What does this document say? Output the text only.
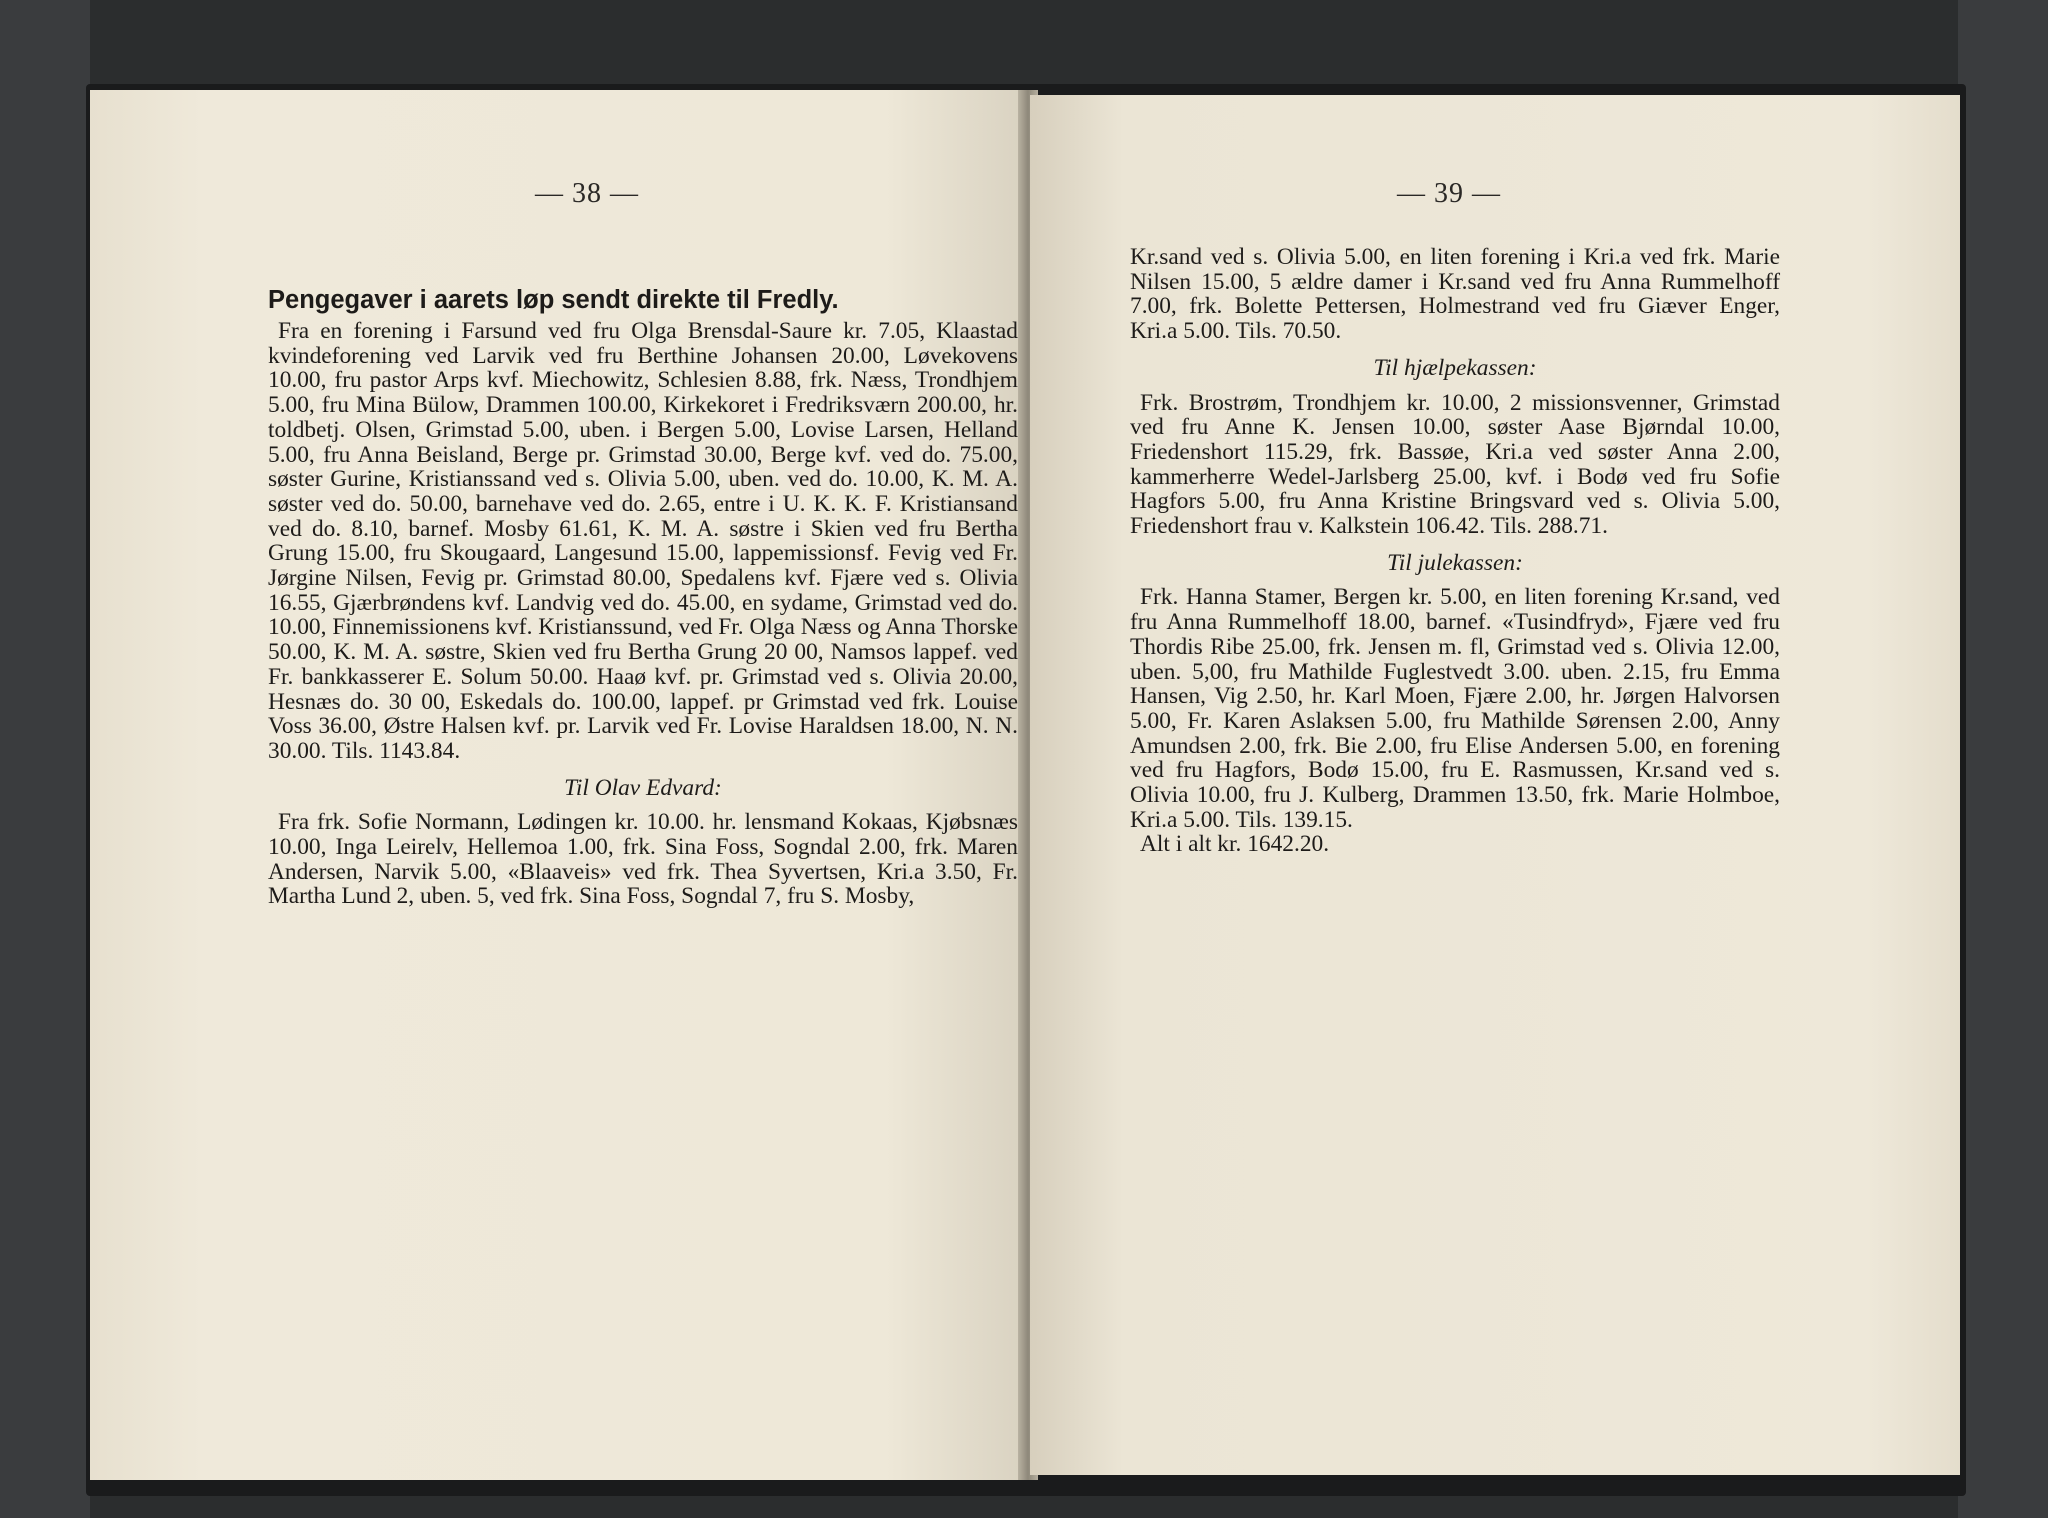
— 38 —

Pengegaver i aarets løp sendt direkte til Fredly.

Fra en forening i Farsund ved fru Olga Brensdal-Saure kr. 7.05, Klaastad kvindeforening ved Larvik ved fru Berthine Johansen 20.00, Løvekovens 10.00, fru pastor Arps kvf. Miechowitz, Schlesien 8.88, frk. Næss, Trondhjem 5.00, fru Mina Bülow, Drammen 100.00, Kirkekoret i Fredriksværn 200.00, hr. toldbetj. Olsen, Grimstad 5.00, uben. i Bergen 5.00, Lovise Larsen, Helland 5.00, fru Anna Beisland, Berge pr. Grimstad 30.00, Berge kvf. ved do. 75.00, søster Gurine, Kristianssand ved s. Olivia 5.00, uben. ved do. 10.00, K. M. A. søster ved do. 50.00, barnehave ved do. 2.65, entre i U. K. K. F. Kristiansand ved do. 8.10, barnef. Mosby 61.61, K. M. A. søstre i Skien ved fru Bertha Grung 15.00, fru Skougaard, Langesund 15.00, lappemissionsf. Fevig ved Fr. Jørgine Nilsen, Fevig pr. Grimstad 80.00, Spedalens kvf. Fjære ved s. Olivia 16.55, Gjærbrøndens kvf. Landvig ved do. 45.00, en sydame, Grimstad ved do. 10.00, Finnemissionens kvf. Kristianssund, ved Fr. Olga Næss og Anna Thorske 50.00, K. M. A. søstre, Skien ved fru Bertha Grung 20 00, Namsos lappef. ved Fr. bankkasserer E. Solum 50.00. Haaø kvf. pr. Grimstad ved s. Olivia 20.00, Hesnæs do. 30 00, Eskedals do. 100.00, lappef. pr Grimstad ved frk. Louise Voss 36.00, Østre Halsen kvf. pr. Larvik ved Fr. Lovise Haraldsen 18.00, N. N. 30.00. Tils. 1143.84.

Til Olav Edvard:

Fra frk. Sofie Normann, Lødingen kr. 10.00. hr. lensmand Kokaas, Kjøbsnæs 10.00, Inga Leirelv, Hellemoa 1.00, frk. Sina Foss, Sogndal 2.00, frk. Maren Andersen, Narvik 5.00, «Blaaveis» ved frk. Thea Syvertsen, Kri.a 3.50, Fr. Martha Lund 2, uben. 5, ved frk. Sina Foss, Sogndal 7, fru S. Mosby,

— 39 —

Kr.sand ved s. Olivia 5.00, en liten forening i Kri.a ved frk. Marie Nilsen 15.00, 5 ældre damer i Kr.sand ved fru Anna Rummelhoff 7.00, frk. Bolette Pettersen, Holmestrand ved fru Giæver Enger, Kri.a 5.00. Tils. 70.50.

Til hjælpekassen:

Frk. Brostrøm, Trondhjem kr. 10.00, 2 missionsvenner, Grimstad ved fru Anne K. Jensen 10.00, søster Aase Bjørndal 10.00, Friedenshort 115.29, frk. Bassøe, Kri.a ved søster Anna 2.00, kammerherre Wedel-Jarlsberg 25.00, kvf. i Bodø ved fru Sofie Hagfors 5.00, fru Anna Kristine Bringsvard ved s. Olivia 5.00, Friedenshort frau v. Kalkstein 106.42. Tils. 288.71.

Til julekassen:

Frk. Hanna Stamer, Bergen kr. 5.00, en liten forening Kr.sand, ved fru Anna Rummelhoff 18.00, barnef. «Tusindfryd», Fjære ved fru Thordis Ribe 25.00, frk. Jensen m. fl, Grimstad ved s. Olivia 12.00, uben. 5,00, fru Mathilde Fuglestvedt 3.00. uben. 2.15, fru Emma Hansen, Vig 2.50, hr. Karl Moen, Fjære 2.00, hr. Jørgen Halvorsen 5.00, Fr. Karen Aslaksen 5.00, fru Mathilde Sørensen 2.00, Anny Amundsen 2.00, frk. Bie 2.00, fru Elise Andersen 5.00, en forening ved fru Hagfors, Bodø 15.00, fru E. Rasmussen, Kr.sand ved s. Olivia 10.00, fru J. Kulberg, Drammen 13.50, frk. Marie Holmboe, Kri.a 5.00. Tils. 139.15.

Alt i alt kr. 1642.20.
